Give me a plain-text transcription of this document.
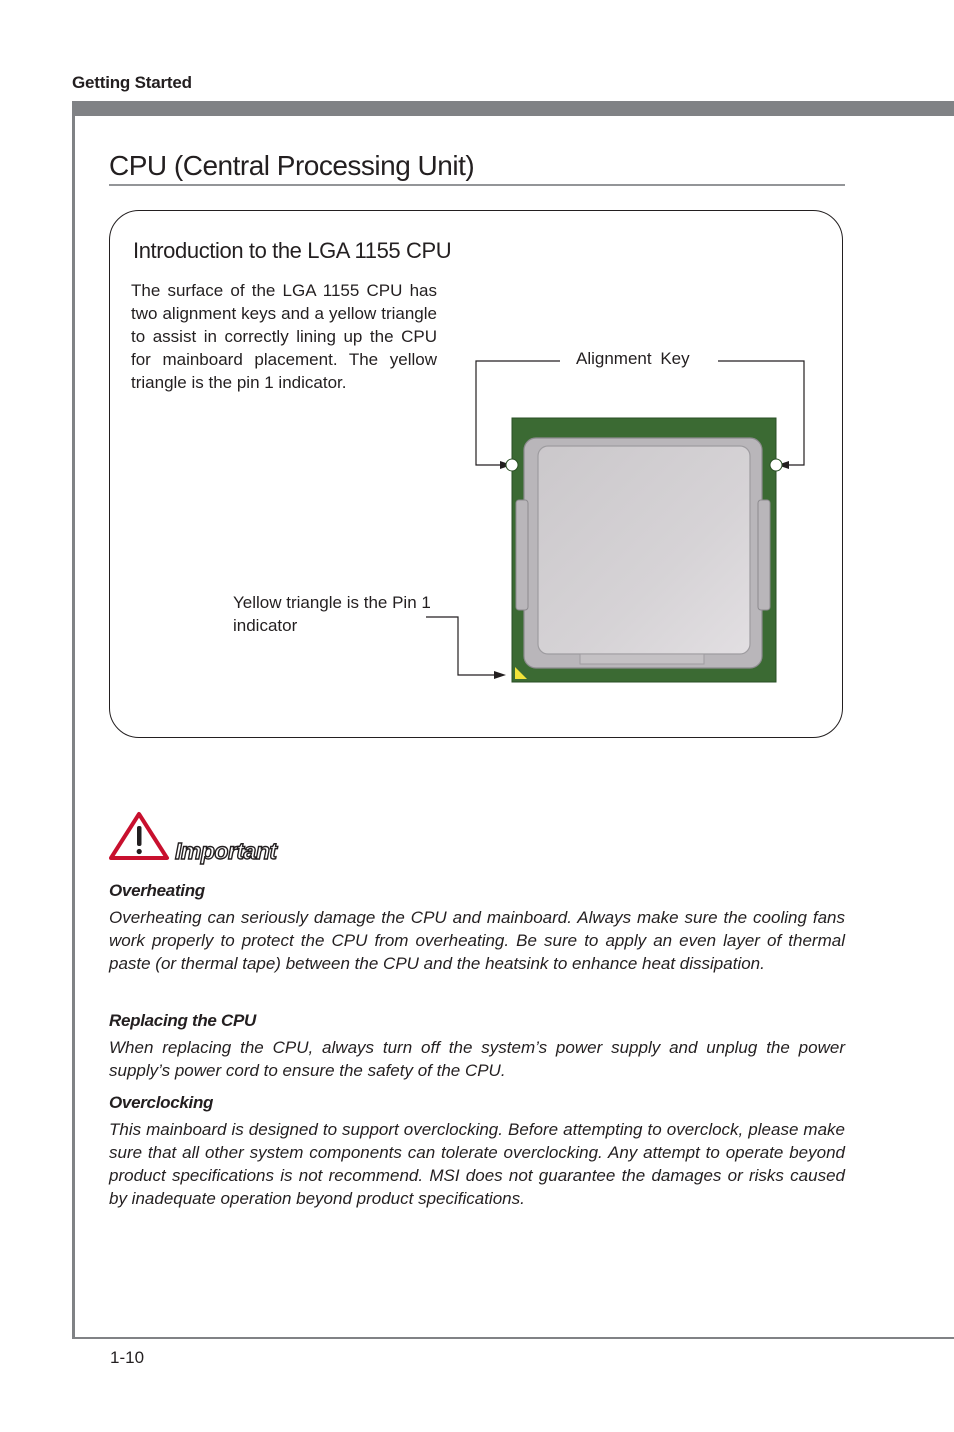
Getting Started
CPU (Central Processing Unit)
Introduction to the LGA 1155 CPU
The surface of the LGA 1155 CPU has two alignment keys and a yellow triangle to assist in correctly lining up the CPU for mainboard placement. The yellow triangle is the pin 1 indicator.
Alignment Key
Yellow triangle is the Pin 1 indicator
Important
Overheating
Overheating can seriously damage the CPU and mainboard. Always make sure the cooling fans work properly to protect the CPU from overheating. Be sure to apply an even layer of thermal paste (or thermal tape) between the CPU and the heatsink to enhance heat dissipation.
Replacing the CPU
When replacing the CPU, always turn off the system’s power supply and unplug the power supply’s power cord to ensure the safety of the CPU.
Overclocking
This mainboard is designed to support overclocking. Before attempting to overclock, please make sure that all other system components can tolerate overclocking. Any attempt to operate beyond product specifications is not recommend. MSI does not guarantee the damages or risks caused by inadequate operation beyond product specifications.
1-10
